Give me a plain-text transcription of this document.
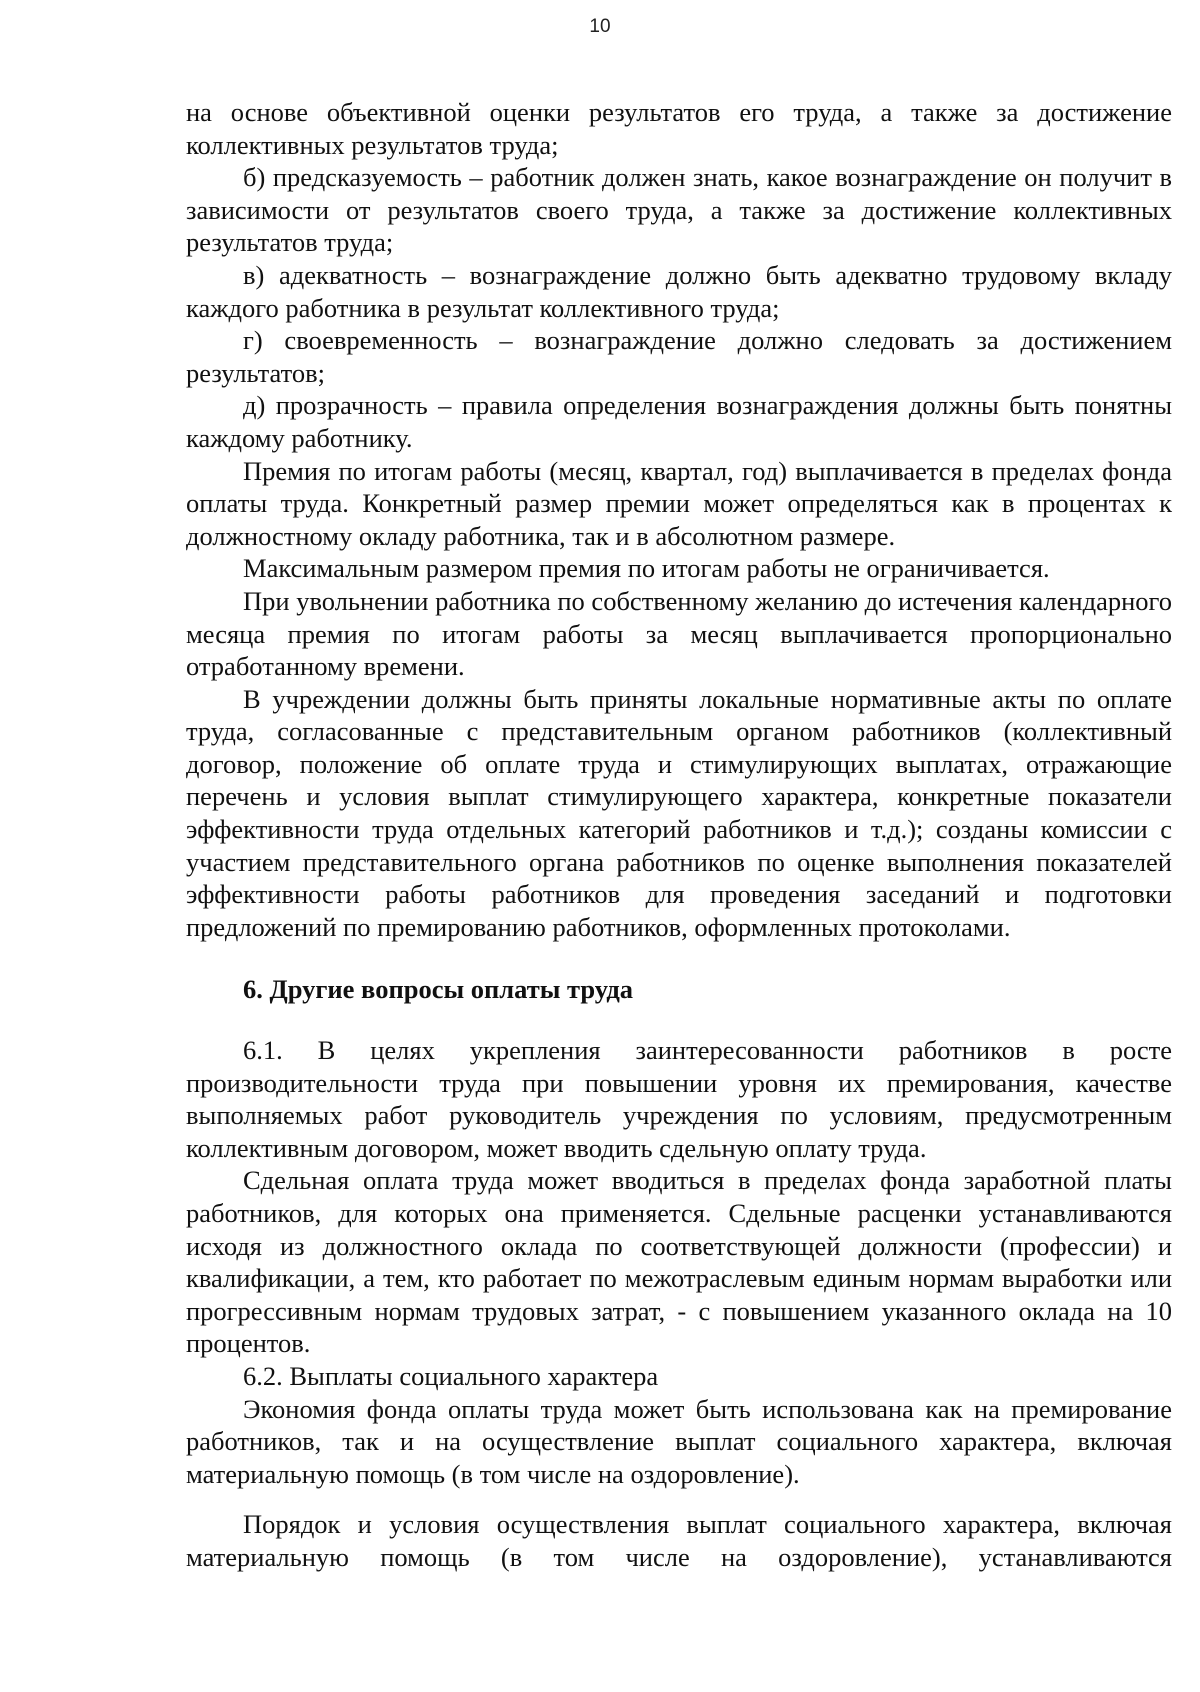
10

на основе объективной оценки результатов его труда, а также за достижение коллективных результатов труда;

б) предсказуемость – работник должен знать, какое вознаграждение он получит в зависимости от результатов своего труда, а также за достижение коллективных результатов труда;

в) адекватность – вознаграждение должно быть адекватно трудовому вкладу каждого работника в результат коллективного труда;

г) своевременность – вознаграждение должно следовать за достижением результатов;

д) прозрачность – правила определения вознаграждения должны быть понятны каждому работнику.

Премия по итогам работы (месяц, квартал, год) выплачивается в пределах фонда оплаты труда. Конкретный размер премии может определяться как в процентах к должностному окладу работника, так и в абсолютном размере.

Максимальным размером премия по итогам работы не ограничивается.

При увольнении работника по собственному желанию до истечения календарного месяца премия по итогам работы за месяц выплачивается пропорционально отработанному времени.

В учреждении должны быть приняты локальные нормативные акты по оплате труда, согласованные с представительным органом работников (коллективный договор, положение об оплате труда и стимулирующих выплатах, отражающие перечень и условия выплат стимулирующего характера, конкретные показатели эффективности труда отдельных категорий работников и т.д.); созданы комиссии с участием представительного органа работников по оценке выполнения показателей эффективности работы работников для проведения заседаний и подготовки предложений по премированию работников, оформленных протоколами.

6. Другие вопросы оплаты труда

6.1. В целях укрепления заинтересованности работников в росте производительности труда при повышении уровня их премирования, качестве выполняемых работ руководитель учреждения по условиям, предусмотренным коллективным договором, может вводить сдельную оплату труда.

Сдельная оплата труда может вводиться в пределах фонда заработной платы работников, для которых она применяется. Сдельные расценки устанавливаются исходя из должностного оклада по соответствующей должности (профессии) и квалификации, а тем, кто работает по межотраслевым единым нормам выработки или прогрессивным нормам трудовых затрат, - с повышением указанного оклада на 10 процентов.

6.2. Выплаты социального характера

Экономия фонда оплаты труда может быть использована как на премирование работников, так и на осуществление выплат социального характера, включая материальную помощь (в том числе на оздоровление).

Порядок и условия осуществления выплат социального характера, включая материальную помощь (в том числе на оздоровление), устанавливаются
